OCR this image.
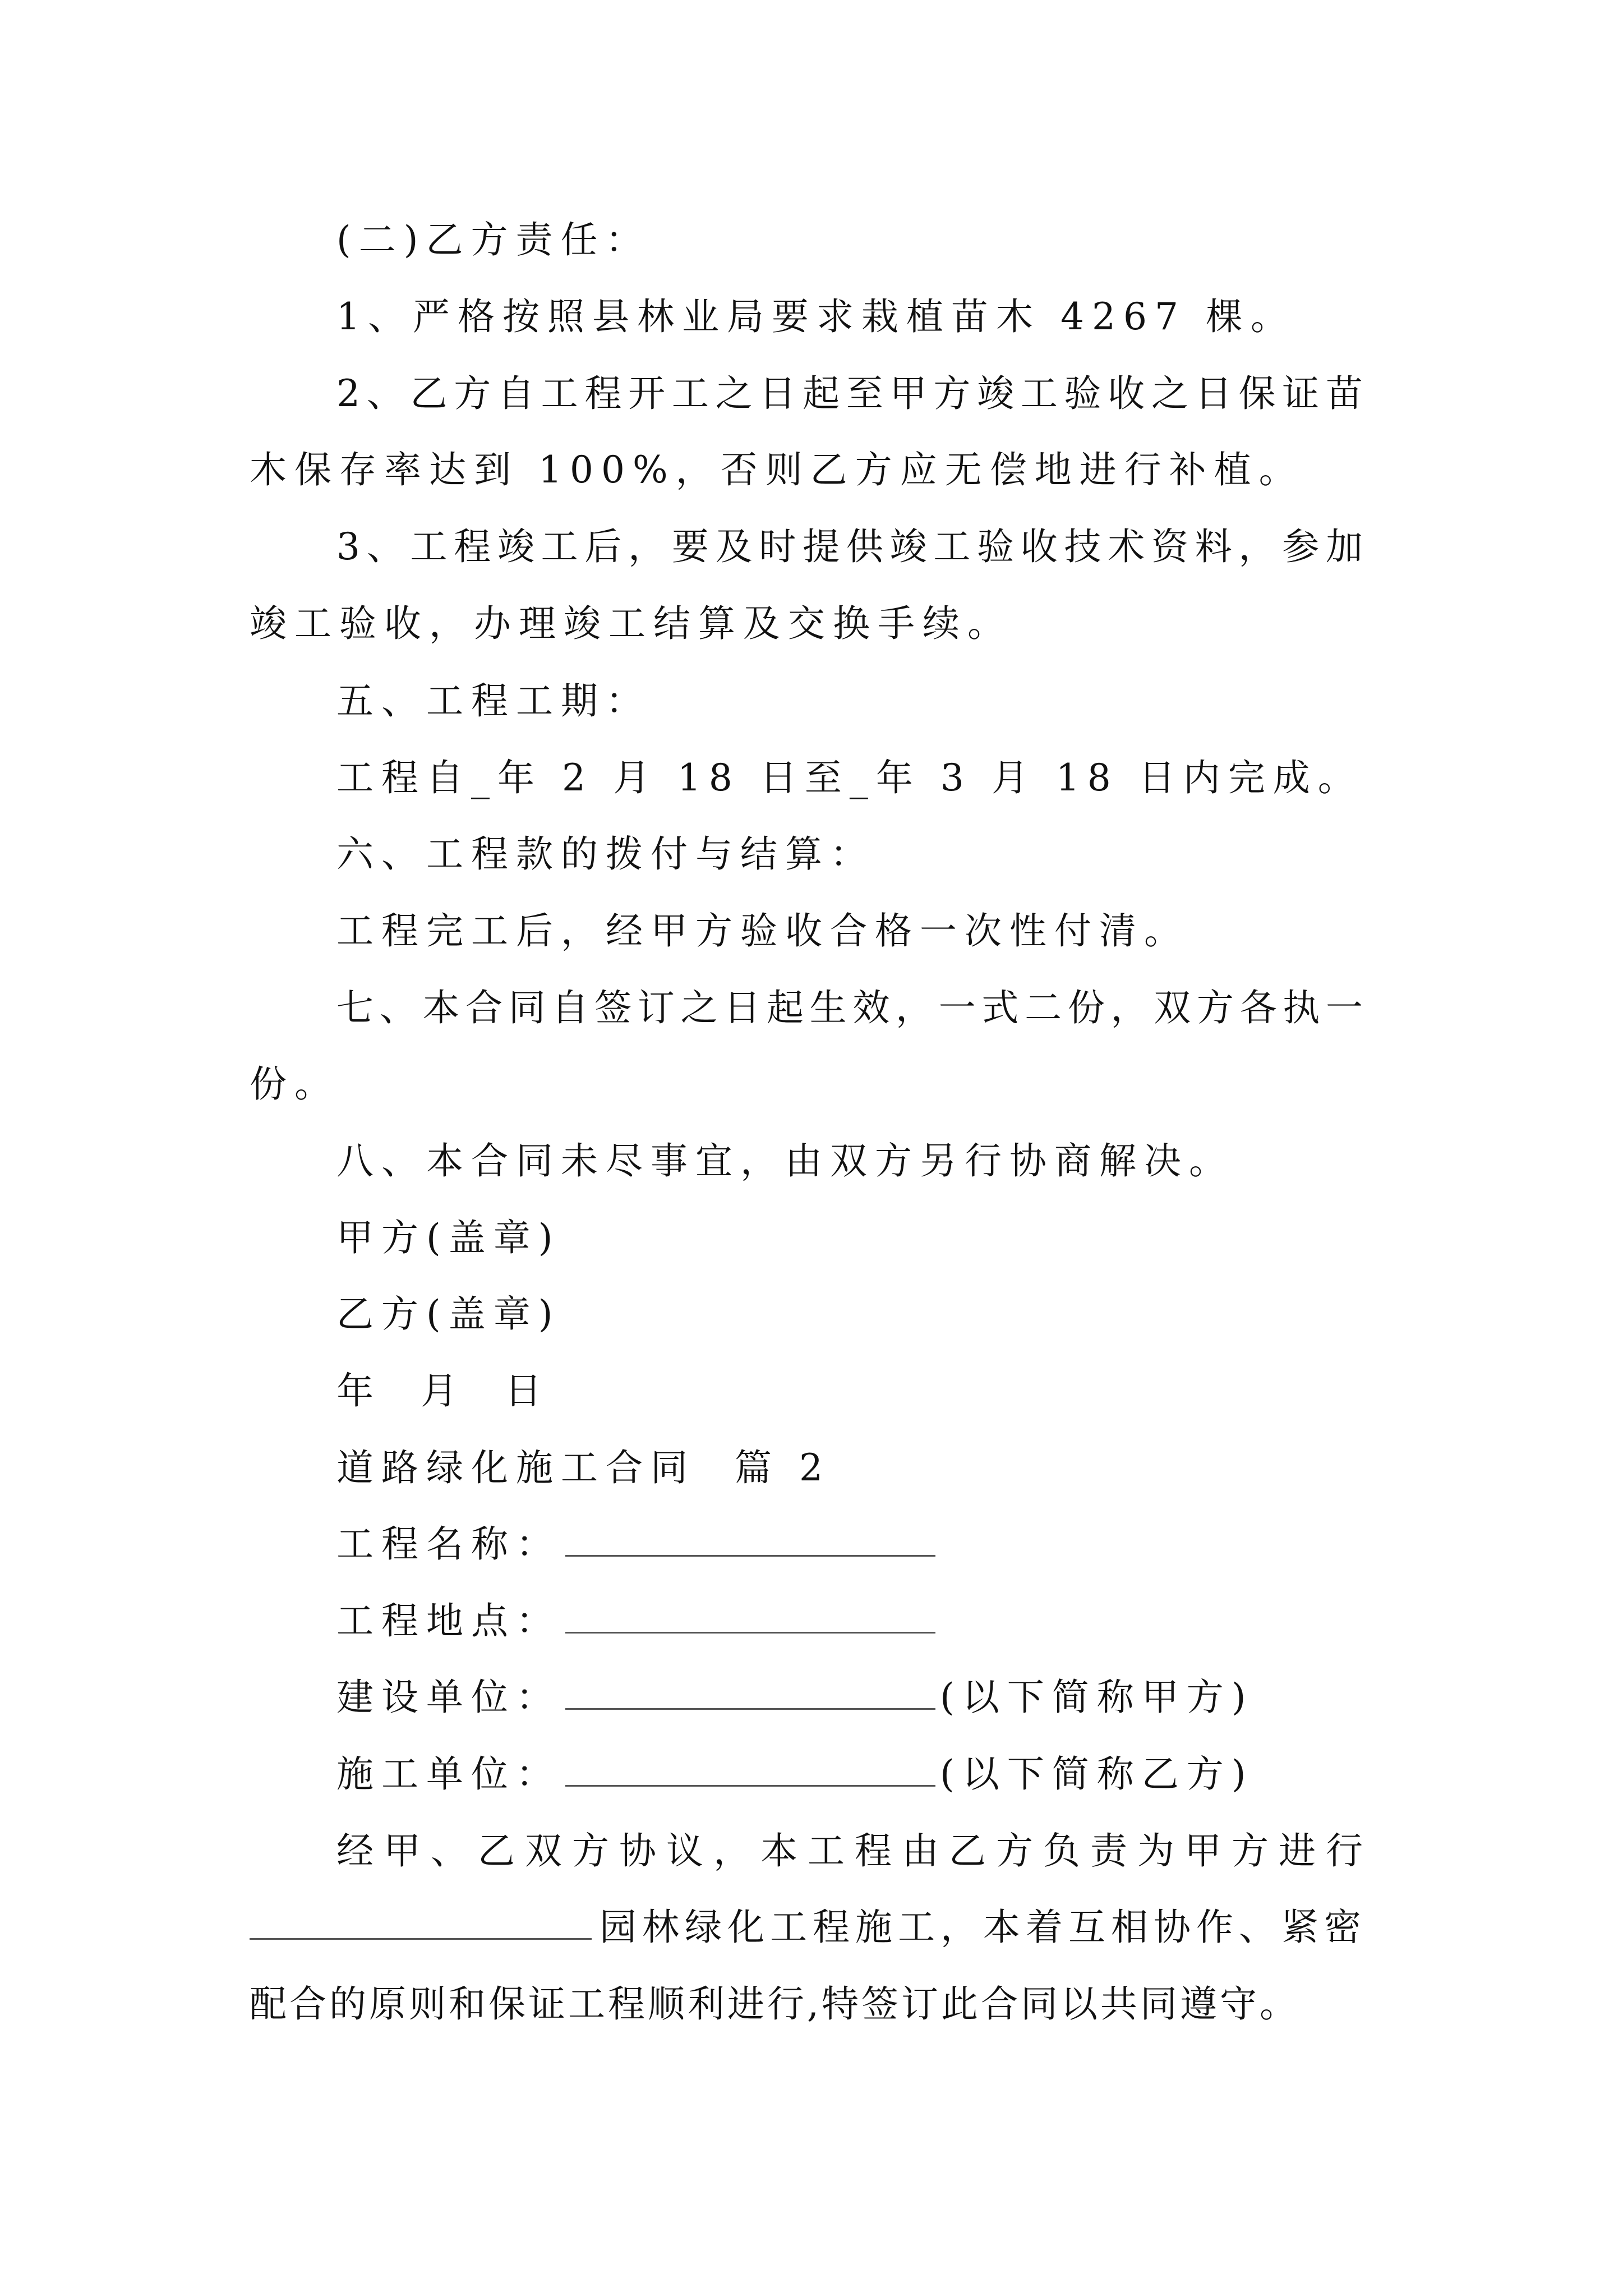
(二)乙方责任：
1、严格按照县林业局要求栽植苗木 4267 棵。
2、乙方自工程开工之日起至甲方竣工验收之日保证苗
木保存率达到 100%，否则乙方应无偿地进行补植。
3、工程竣工后，要及时提供竣工验收技术资料，参加
竣工验收，办理竣工结算及交换手续。
五、工程工期：
工程自_年 2 月 18 日至_年 3 月 18 日内完成。
六、工程款的拨付与结算：
工程完工后，经甲方验收合格一次性付清。
七、本合同自签订之日起生效，一式二份，双方各执一
份。
八、本合同未尽事宜，由双方另行协商解决。
甲方(盖章)
乙方(盖章)
年  月  日
道路绿化施工合同  篇 2
工程名称：
工程地点：
建设单位：	(以下简称甲方)
施工单位：	(以下简称乙方)
经甲、乙双方协议，本工程由乙方负责为甲方进行
园林绿化工程施工，本着互相协作、紧密
配合的原则和保证工程顺利进行,特签订此合同以共同遵守。
